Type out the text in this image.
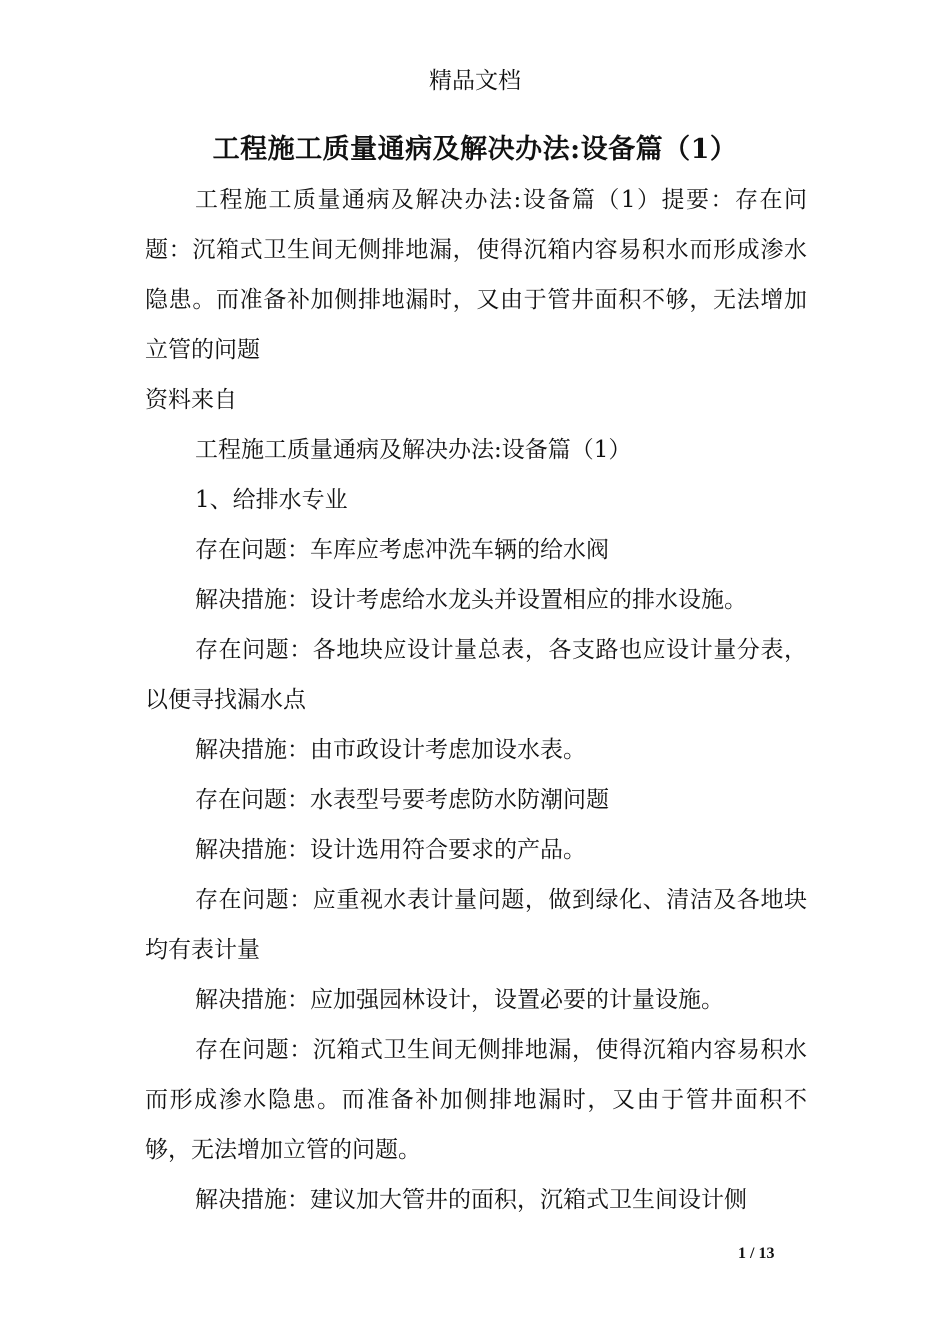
精品文档
工程施工质量通病及解决办法:设备篇（1）

工程施工质量通病及解决办法:设备篇（1）提要：存在问题：沉箱式卫生间无侧排地漏，使得沉箱内容易积水而形成渗水隐患。而准备补加侧排地漏时，又由于管井面积不够，无法增加立管的问题

资料来自

工程施工质量通病及解决办法:设备篇（1）

1、给排水专业

存在问题：车库应考虑冲洗车辆的给水阀

解决措施：设计考虑给水龙头并设置相应的排水设施。

存在问题：各地块应设计量总表，各支路也应设计量分表，以便寻找漏水点

解决措施：由市政设计考虑加设水表。

存在问题：水表型号要考虑防水防潮问题

解决措施：设计选用符合要求的产品。

存在问题：应重视水表计量问题，做到绿化、清洁及各地块均有表计量

解决措施：应加强园林设计，设置必要的计量设施。

存在问题：沉箱式卫生间无侧排地漏，使得沉箱内容易积水而形成渗水隐患。而准备补加侧排地漏时，又由于管井面积不够，无法增加立管的问题。

解决措施：建议加大管井的面积，沉箱式卫生间设计侧

1 / 13
